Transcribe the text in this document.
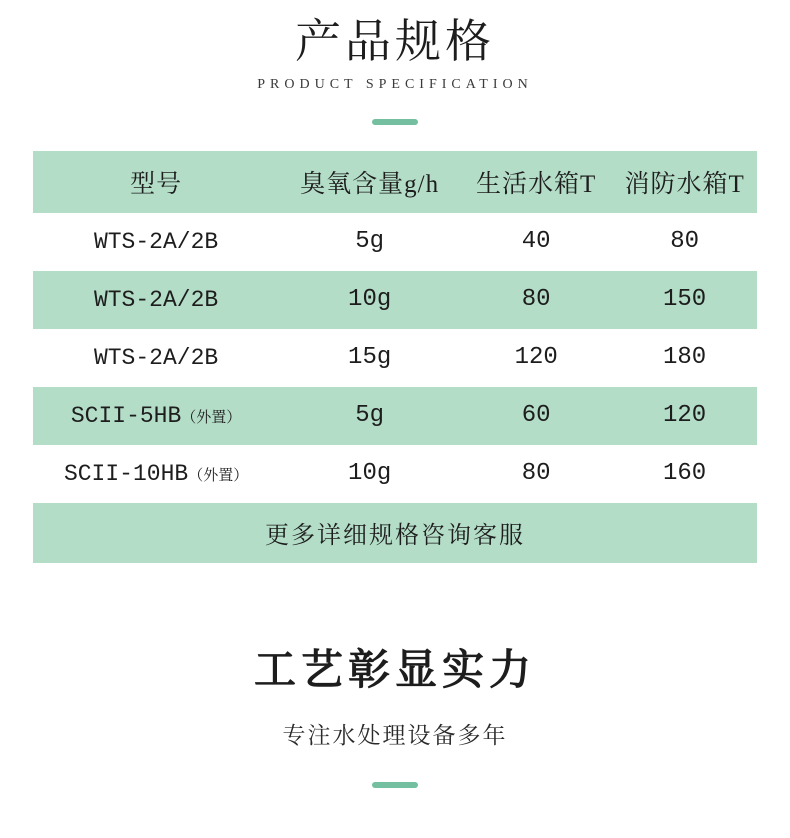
产品规格
PRODUCT SPECIFICATION
型号	臭氧含量g/h	生活水箱T	消防水箱T
WTS-2A/2B	5g	40	80
WTS-2A/2B	10g	80	150
WTS-2A/2B	15g	120	180
SCII-5HB（外置）	5g	60	120
SCII-10HB（外置）	10g	80	160
更多详细规格咨询客服			
工艺彰显实力
专注水处理设备多年
